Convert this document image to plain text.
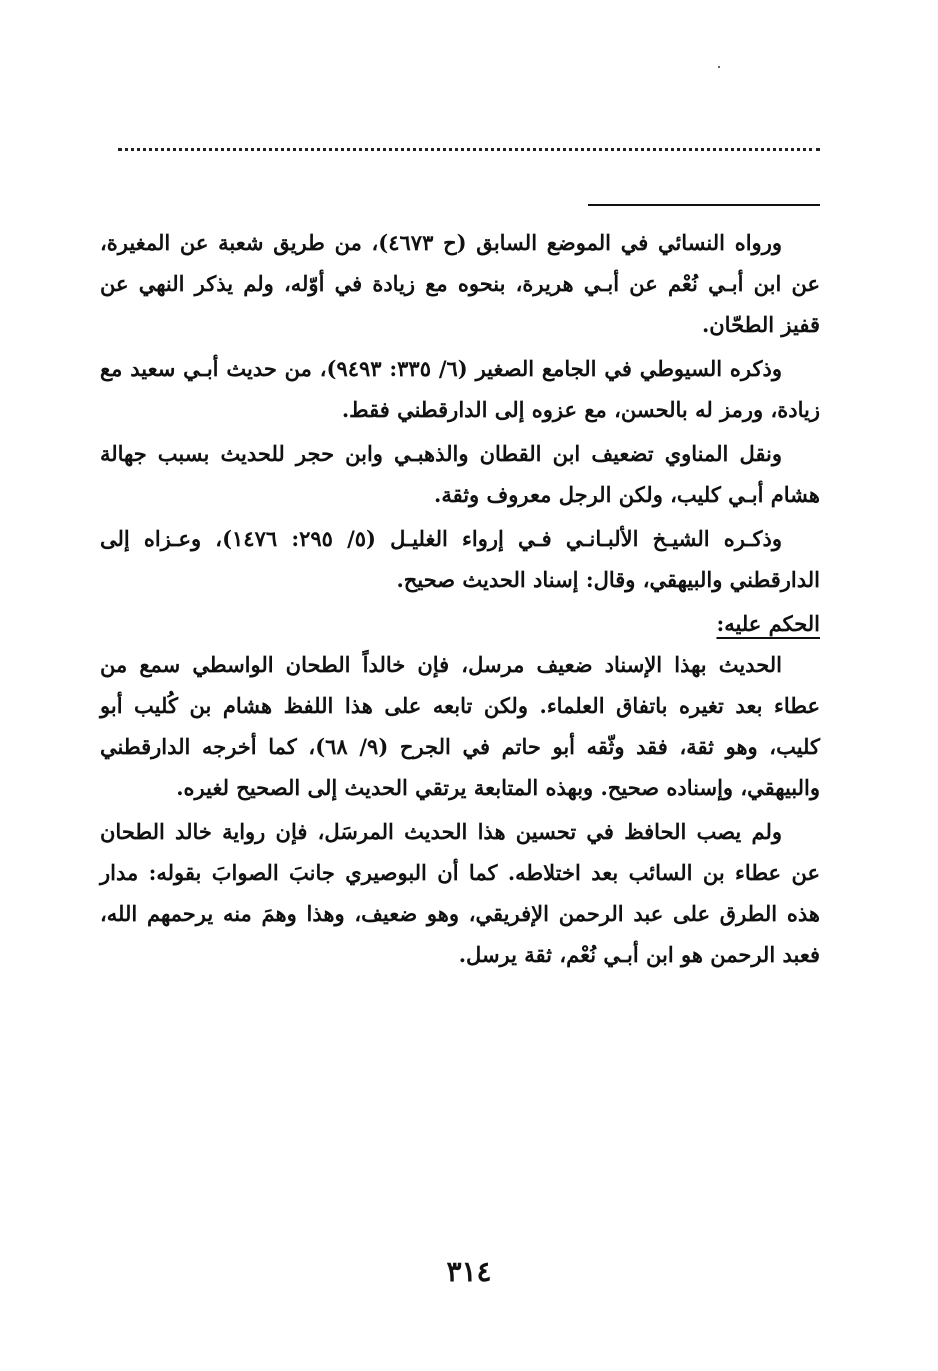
ورواه النسائي في الموضع السابق (ح ٤٦٧٣)، من طريق شعبة عن المغيرة، عن ابن أبـي نُعْم عن أبـي هريرة، بنحوه مع زيادة في أوّله، ولم يذكر النهي عن قفيز الطحّان.

وذكره السيوطي في الجامع الصغير (٦/ ٣٣٥: ٩٤٩٣)، من حديث أبـي سعيد مع زيادة، ورمز له بالحسن، مع عزوه إلى الدارقطني فقط.

ونقل المناوي تضعيف ابن القطان والذهبـي وابن حجر للحديث بسبب جهالة هشام أبـي كليب، ولكن الرجل معروف وثقة.

وذكـره الشيـخ الألبـانـي فـي إرواء الغليـل (٥/ ٢٩٥: ١٤٧٦)، وعـزاه إلى الدارقطني والبيهقي، وقال: إسناد الحديث صحيح.

الحكم عليه:

الحديث بهذا الإسناد ضعيف مرسل، فإن خالداً الطحان الواسطي سمع من عطاء بعد تغيره باتفاق العلماء. ولكن تابعه على هذا اللفظ هشام بن كُليب أبو كليب، وهو ثقة، فقد وثّقه أبو حاتم في الجرح (٩/ ٦٨)، كما أخرجه الدارقطني والبيهقي، وإسناده صحيح. وبهذه المتابعة يرتقي الحديث إلى الصحيح لغيره.

ولم يصب الحافظ في تحسين هذا الحديث المرسَل، فإن رواية خالد الطحان عن عطاء بن السائب بعد اختلاطه. كما أن البوصيري جانبَ الصوابَ بقوله: مدار هذه الطرق على عبد الرحمن الإفريقي، وهو ضعيف، وهذا وهمَ منه يرحمهم الله، فعبد الرحمن هو ابن أبـي نُعْم، ثقة يرسل.

٣١٤
